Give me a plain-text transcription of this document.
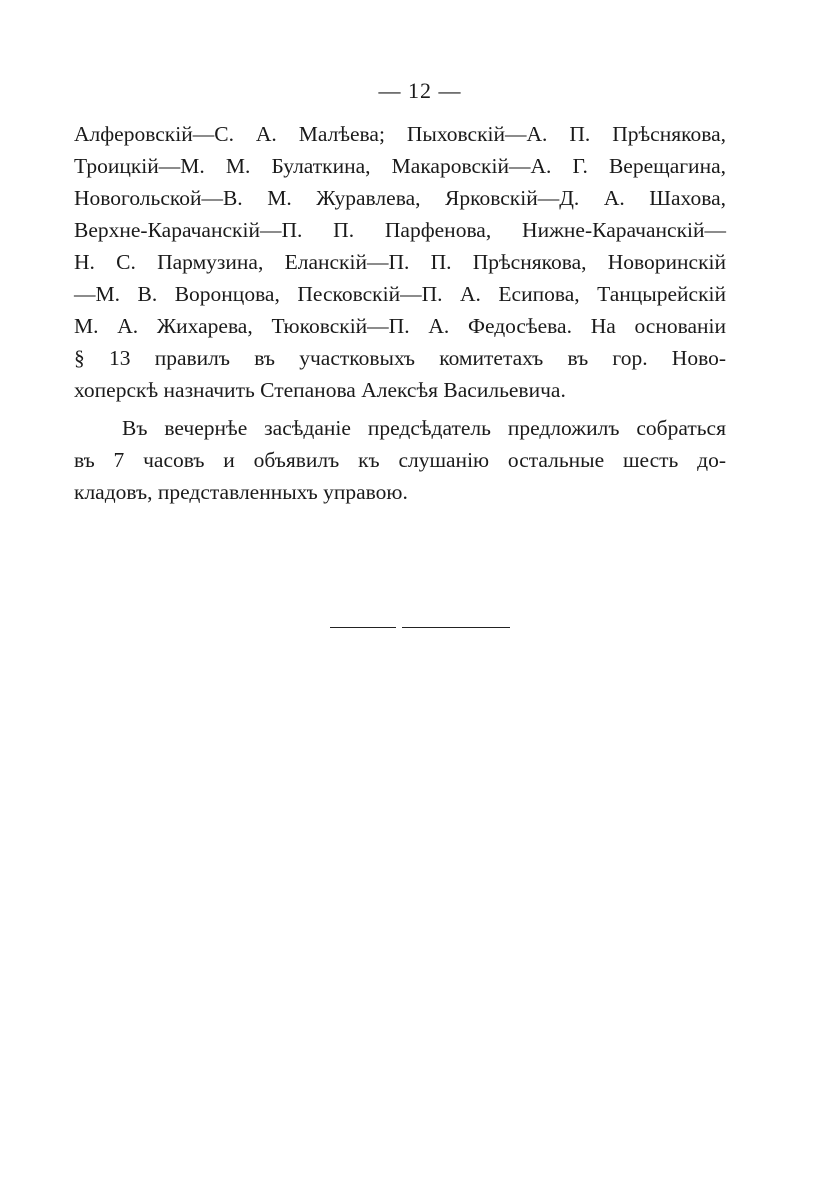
— 12 —
Алферовскій—С. А. Малѣева; Пыховскій—А. П. Прѣснякова,
Троицкій—М. М. Булаткина, Макаровскій—А. Г. Верещагина,
Новогольской—В. М. Журавлева, Ярковскій—Д. А. Шахова,
Верхне-Карачанскій—П. П. Парфенова, Нижне-Карачанскій—
Н. С. Пармузина, Еланскій—П. П. Прѣснякова, Новоринскій
—М. В. Воронцова, Песковскій—П. А. Есипова, Танцырейскій
М. А. Жихарева, Тюковскій—П. А. Федосѣева. На основаніи
§ 13 правилъ въ участковыхъ комитетахъ въ гор. Ново-
хоперскѣ назначить Степанова Алексѣя Васильевича.
Въ вечернѣе засѣданіе предсѣдатель предложилъ собраться
въ 7 часовъ и объявилъ къ слушанію остальные шесть до-
кладовъ, представленныхъ управою.
